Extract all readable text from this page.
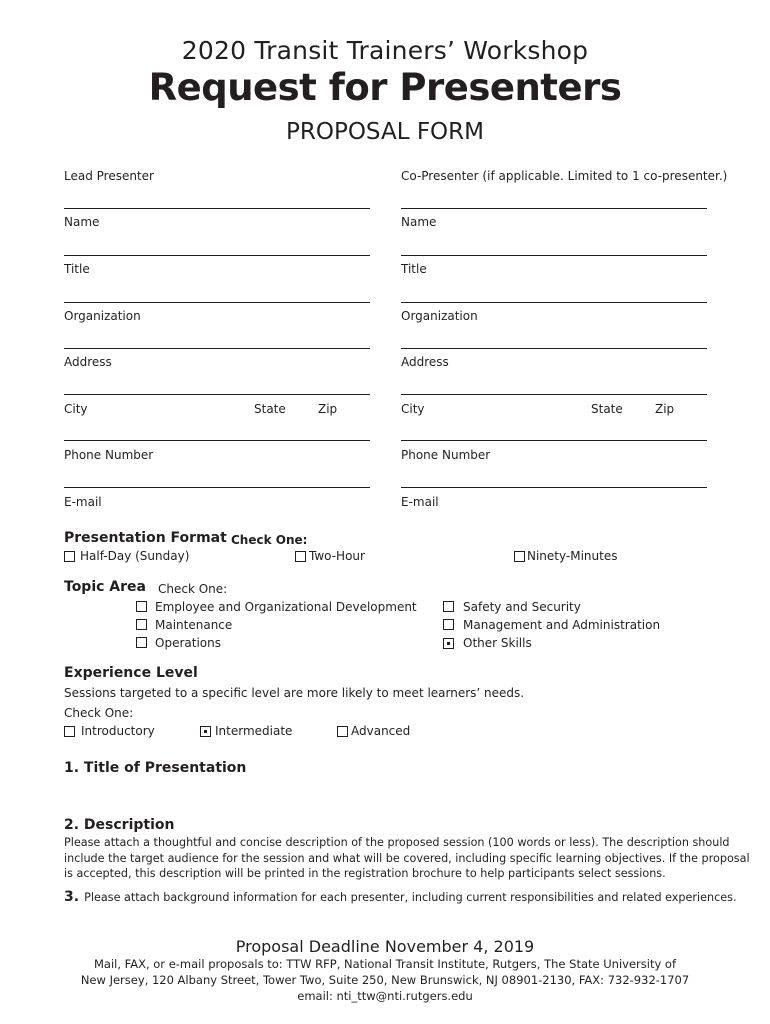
2020 Transit Trainers’ Workshop
Request for Presenters
PROPOSAL FORM
Lead Presenter
Name
Title
Organization
Address
City	State	Zip
Phone Number
E-mail
Co-Presenter (if applicable. Limited to 1 co-presenter.)
Name
Title
Organization
Address
City	State	Zip
Phone Number
E-mail
Presentation Format Check One:
Half-Day (Sunday)	Two-Hour	Ninety-Minutes
Topic Area Check One:
Employee and Organizational Development
Maintenance
Operations
Safety and Security
Management and Administration
Other Skills
Experience Level
Sessions targeted to a specific level are more likely to meet learners’ needs.
Check One:
Introductory	Intermediate	Advanced
1. Title of Presentation
2. Description
Please attach a thoughtful and concise description of the proposed session (100 words or less). The description should
include the target audience for the session and what will be covered, including specific learning objectives. If the proposal
is accepted, this description will be printed in the registration brochure to help participants select sessions.
3. Please attach background information for each presenter, including current responsibilities and related experiences.
Proposal Deadline November 4, 2019
Mail, FAX, or e-mail proposals to: TTW RFP, National Transit Institute, Rutgers, The State University of
New Jersey, 120 Albany Street, Tower Two, Suite 250, New Brunswick, NJ 08901-2130, FAX: 732-932-1707
email: nti_ttw@nti.rutgers.edu
